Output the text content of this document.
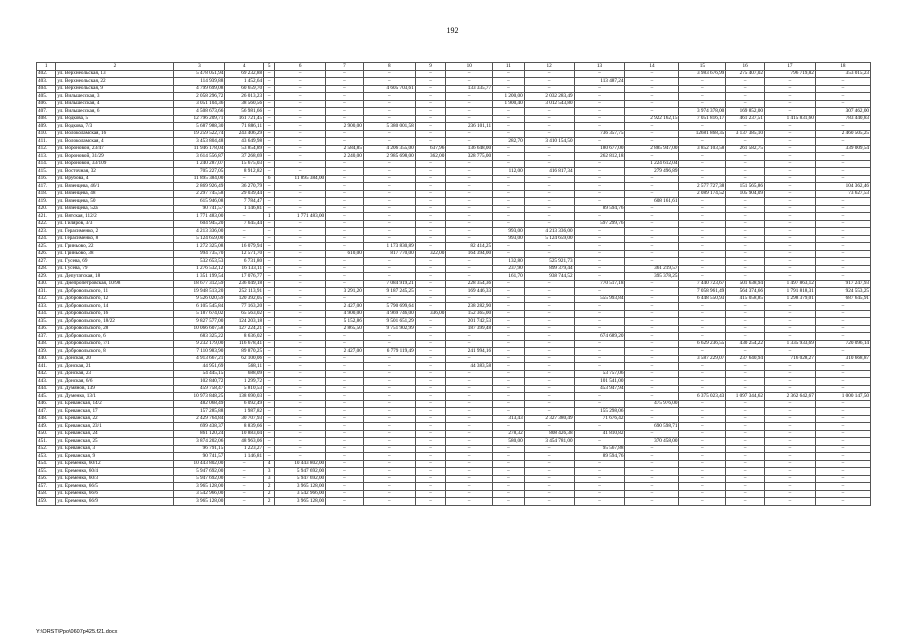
192
1	2	3	4	5	6	7	8	9	10	11	12	13	14	15	16	17	18
402.	ул. Верхнеольская, 13	5 478 051,94	69 232,88	–	–	–	–	–	–	–	–	–	–	3 983 676,99	275 407,02	796 719,82	353 015,23
403.	ул. Верхнеольская, 22	114 939,88	1 452,64	–	–	–	–	–	–	–	–	113 487,24	–	–	–	–	–
404.	ул. Верхнеольская, 9	4 799 699,08	60 659,70	–	–	–	4 605 703,61	–	133 335,77	–	–	–	–	–	–	–	–
405.	ул. Вильшесская, 3	2 058 296,72	26 013,23	–	–	–	–	–	–	1 200,00	2 032 283,49	–	–	–	–	–	–
406.	ул. Вильшесская, 4	3 051 104,36	38 560,56	–	–	–	–	–	–	1 900,40	3 012 543,80	–	–	–	–	–	–
407.	ул. Вильшесская, 6	4 508 673,66	56 981,66	–	–	–	–	–	–	–	–	–	–	3 974 378,00	169 852,00	–	307 462,00
408.	ул. Водкова, 5	12 796 209,71	161 721,45	–	–	–	–	–	–	–	–	–	2 922 162,15	7 051 816,17	461 237,51	1 415 831,60	783 440,83
409.	ул. Водкова, 7/3	5 687 988,30	71 886,11	–	–	2 900,00	5 380 001,58	–	236 101,11	–	–	–	–	–	–	–	–
410.	ул. Волоколамская, 16	19 259 522,74	243 406,29	–	–	–	–	–	–	–	–	736 357,75	–	12681 868,35	3 137 385,10	–	2 460 505,25
411.	ул. Волоколамская, 4	3 453 804,48	43 649,98	–	–	–	–	–	–	282,70	3 410 154,50	–	–	–	–	–	–
412.	ул. Вороновой, 23/47	11 946 178,04	53 854,89	–	–	2 584,85	4 206 355,00	637,96	136 648,00	–	–	180 677,00	2 885 947,00	3 852 103,58	261 582,75	–	339 009,54
413.	ул. Вороновой, 31/29	3 614 556,87	37 268,69	–	–	2 240,00	2 985 698,00	362,00	328 775,00	–	–	262 812,18	–	–	–	–	–
414.	ул. Вороновой, 33/109	1 240 287,07	15 675,03	–	–	–	–	–	–	–	–	–	1 224 612,04	–	–	–	–
415.	ул. Восточная, 32	705 227,05	8 912,82	–	–	–	–	–	–	112,00	416 817,34	–	279 496,89	–	–	–	–
416.	ул. Врубова, 4	11 895 384,00	–	6	11 895 384,00	–	–	–	–	–	–	–	–	–	–	–	–
417.	ул. Вязенцева, 46/1	2 869 926,49	36 270,79	–	–	–	–	–	–	–	–	–	–	2 577 727,38	151 565,86	–	104 362,46
418.	ул. Вязенцева, 48	2 297 745,58	29 039,44	–	–	–	–	–	–	–	–	–	–	2 089 174,52	105 904,09	–	73 627,53
419.	ул. Вязенцева, 50	615 946,08	7 784,47	–	–	–	–	–	–	–	–	–	608 161,61	–	–	–	–
420.	ул. Вязенцева, 52а	90 741,57	1 146,81	–	–	–	–	–	–	–	–	89 594,76	–	–	–	–	–
421.	ул. Вятская, 112/2	1 771 483,00	–	1	1 771 483,00	–	–	–	–	–	–	–	–	–	–	–	–
422.	ул. Гиляров, 3/3	604 945,20	7 645,44	–	–	–	–	–	–	–	–	597 299,76	–	–	–	–	–
423.	ул. Герасименко, 2	4 213 336,00	–	–	–	–	–	–	–	993,00	4 213 336,00	–	–	–	–	–	–
424.	ул. Герасименко, 8	5 124 659,00	–	–	–	–	–	–	–	993,00	5 124 659,00	–	–	–	–	–	–
425.	ул. Гриньово, 22	1 272 325,08	16 079,94	–	–	–	1 173 830,89	–	82 414,25	–	–	–	–	–	–	–	–
426.	ул. Гриньово, 38	994 735,70	12 571,70	–	–	610,00	817 770,00	322,00	164 394,00	–	–	–	–	–	–	–	–
427.	ул. Гусева, 69	532 653,53	6 731,80	–	–	–	–	–	–	132,80	525 921,73	–	–	–	–	–	–
428.	ул. Гусева, 79	1 276 532,12	16 133,11	–	–	–	–	–	–	237,90	899 379,44	–	361 219,57	–	–	–	–
429.	ул. Депутатская, 18	1 351 199,54	17 076,77	–	–	–	–	–	–	161,70	938 744,52	–	395 378,25	–	–	–	–
430.	ул. Днепропетровская, 10/98	18 677 312,59	236 049,18	–	–	–	7 084 919,21	–	228 354,36	–	–	770 517,18	–	7 440 723,67	501 638,94	1 497 863,12	917 247,93
431.	ул. Добровольского, 11	19 948 513,20	252 113,91	–	–	3 291,20	9 187 245,25	–	169 446,33	–	–	–	–	7 058 961,49	564 374,66	1 791 818,31	924 553,25
432.	ул. Добровольского, 12	9 526 020,59	120 392,05	–	–	–	–	–	–	–	–	555 993,84	–	6 448 550,93	415 058,85	1 298 379,01	687 645,91
433.	ул. Добровольского, 14	6 105 545,84	77 163,20	–	–	2 427,00	5 790 699,64	–	238 282,90	–	–	–	–	–	–	–	–
434.	ул. Добровольского, 16	5 187 674,02	65 563,02	–	–	4 900,00	4 969 746,00	336,00	152 365,00	–	–	–	–	–	–	–	–
435.	ул. Добровольского, 18/22	9 827 577,00	124 203,18	–	–	5 152,86	9 501 651,29	–	201 742,53	–	–	–	–	–	–	–	–
436.	ул. Добровольского, 28	10 066 607,58	127 224,21	–	–	2 865,50	9 751 902,99	–	187 399,48	–	–	–	–	–	–	–	–
437.	ул. Добровольского, 6	683 325,22	8 636,02	–	–	–	–	–	–	–	–	674 689,20	–	–	–	–	–
438.	ул. Добровольского, 7/1	9 232 179,00	116 678,41	–	–	–	–	–	–	–	–	–	–	6 629 236,55	430 254,22	1 335 933,69	720 096,14
439.	ул. Добровольского, 8	7 110 983,90	89 870,25	–	–	2 427,00	6 779 119,49	–	241 994,16	–	–	–	–	–	–	–	–
440.	ул. Донская, 20	4 913 667,21	62 100,06	–	–	–	–	–	–	–	–	–	–	3 587 229,07	237 640,94	716 028,27	310 668,87
441.	ул. Донская, 21	44 951,69	568,11	–	–	–	–	–	44 383,58	–	–	–	–	–	–	–	–
442.	ул. Донская, 23	54 445,15	688,09	–	–	–	–	–	–	–	–	53 757,06	–	–	–	–	–
443.	ул. Донская, 6/6	102 840,72	1 299,72	–	–	–	–	–	–	–	–	101 541,00	–	–	–	–	–
444.	ул. Думянов, 139	459 758,47	5 810,53	–	–	–	–	–	–	–	–	453 947,94	–	–	–	–	–
445.	ул. Думенко, 13/1	10 973 848,25	138 690,03	–	–	–	–	–	–	–	–	–	–	6 375 023,43	1 097 344,62	2 362 642,67	1 000 147,50
446.	ул. Ереванская, 14/2	482 068,49	6 092,49	–	–	–	–	–	–	–	–	–	475 976,00	–	–	–	–
447.	ул. Ереванская, 17	157 285,88	1 987,82	–	–	–	–	–	–	–	–	155 298,06	–	–	–	–	–
448.	ул. Ереванская, 22	2 429 764,84	30 707,93	–	–	–	–	–	–	313,43	2 327 380,49	71 676,42	–	–	–	–	–
449.	ул. Ереванская, 23/1	699 438,37	8 839,66	–	–	–	–	–	–	–	–	–	690 598,71	–	–	–	–
450.	ул. Ереванская, 24	861 120,24	10 883,04	–	–	–	–	–	–	278,32	808 426,38	41 810,82	–	–	–	–	–
451.	ул. Ереванская, 25	3 874 202,06	48 963,06	–	–	–	–	–	–	580,00	3 454 781,00	–	370 458,00	–	–	–	–
452.	ул. Ереванская, 3	96 791,15	1 223,27	–	–	–	–	–	–	–	–	95 567,88	–	–	–	–	–
453.	ул. Ереванская, 9	90 741,57	1 146,81	–	–	–	–	–	–	–	–	89 594,76	–	–	–	–	–
454.	ул. Еременко, 60/12	10 443 802,00	–	4	10 443 802,00	–	–	–	–	–	–	–	–	–	–	–	–
455.	ул. Еременко, 60/4	5 947 692,00	–	3	5 947 692,00	–	–	–	–	–	–	–	–	–	–	–	–
456.	ул. Еременко, 60/3	5 947 692,00	–	3	5 947 692,00	–	–	–	–	–	–	–	–	–	–	–	–
457.	ул. Еременко, 66/5	3 965 128,00	–	2	3 965 128,00	–	–	–	–	–	–	–	–	–	–	–	–
458.	ул. Еременко, 66/6	3 542 966,00	–	2	3 542 966,00	–	–	–	–	–	–	–	–	–	–	–	–
459.	ул. Еременко, 66/9	3 965 128,00	–	2	3 965 128,00	–	–	–	–	–	–	–	–	–	–	–	–
Y:\ORST\Ppo\0607p425.f21.docx
